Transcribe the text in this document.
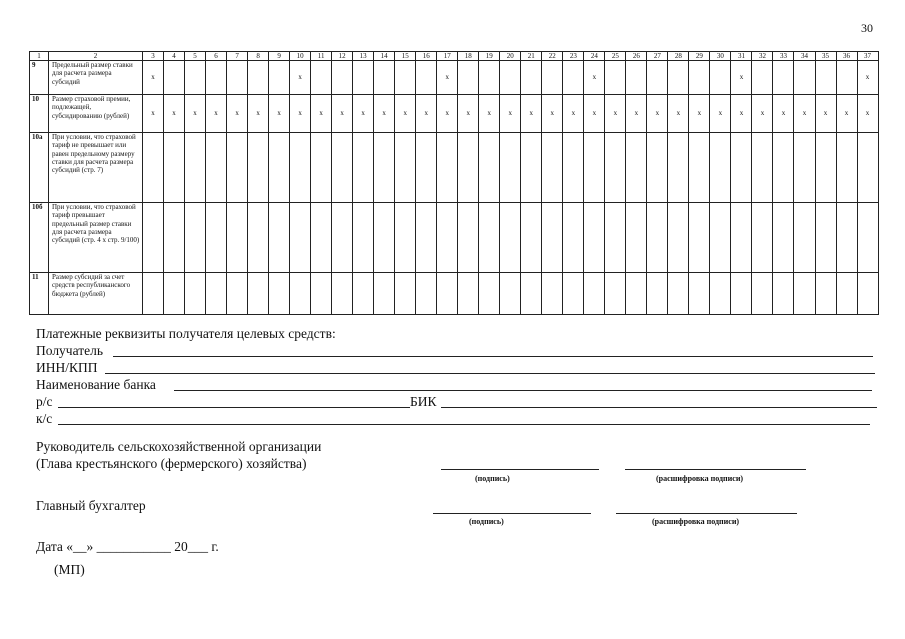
30
1	2	3	4	5	6	7	8	9	10	11	12	13	14	15	16	17	18	19	20	21	22	23	24	25	26	27	28	29	30	31	32	33	34	35	36	37
9	Предельный размер ставки для расчета размера субсидий	x							x							x							x							x						x
10	Размер страховой премии, подлежащей, субсидированию (рублей)	x	x	x	x	x	x	x	x	x	x	x	x	x	x	x	x	x	x	x	x	x	x	x	x	x	x	x	x	x	x	x	x	x	x	x
10а	При условии, что страховой тариф не превышает или равен предельному размеру ставки для расчета размера субсидий (стр. 7)																																			
10б	При условии, что страховой тариф превышает предельный размер ставки для расчета размера субсидий (стр. 4 х стр. 9/100)																																			
11	Размер субсидий за счет средств республиканского бюджета (рублей)																																			
Платежные реквизиты получателя целевых средств:
Получатель
ИНН/КПП
Наименование банка
р/с	БИК
к/с
Руководитель сельскохозяйственной организации
(Глава крестьянского (фермерского) хозяйства)
(подпись)	(расшифровка подписи)
Главный бухгалтер
(подпись)	(расшифровка подписи)
Дата «__» ___________ 20___ г.
(МП)
